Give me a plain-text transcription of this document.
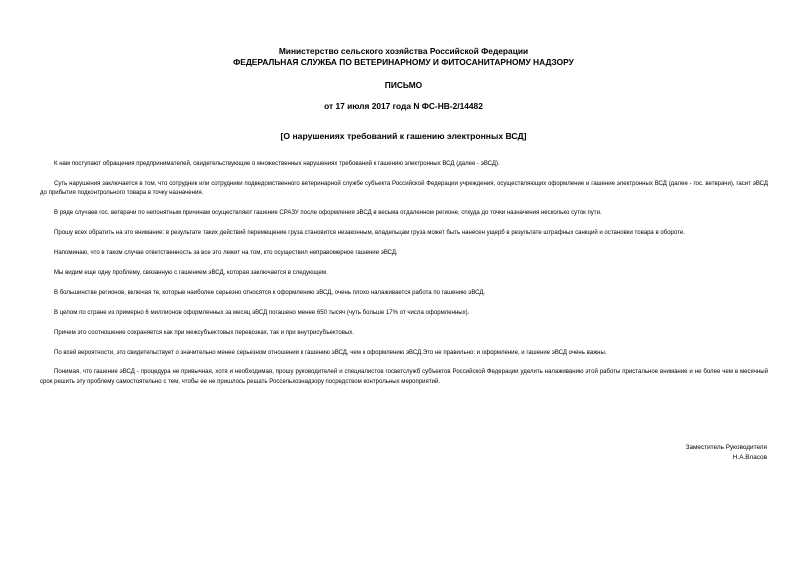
Министерство сельского хозяйства Российской Федерации
ФЕДЕРАЛЬНАЯ СЛУЖБА ПО ВЕТЕРИНАРНОМУ И ФИТОСАНИТАРНОМУ НАДЗОРУ
ПИСЬМО
от 17 июля 2017 года N ФС-НВ-2/14482
[О нарушениях требований к гашению электронных ВСД]

К нам поступают обращения предпринимателей, свидетельствующие о множественных нарушениях требований к гашению электронных ВСД (далее - эВСД).

Суть нарушения заключается в том, что сотрудник или сотрудники подведомственного ветеринарной службе субъекта Российской Федерации учреждения, осуществляющих оформление и гашение электронных ВСД (далее - гос. ветврачи), гасит эВСД до прибытия подконтрольного товара в точку назначения.

В ряде случаев гос. ветврачи по непонятным причинам осуществляют гашение СРАЗУ после оформления эВСД в весьма отдаленном регионе, откуда до точки назначения несколько суток пути.

Прошу всех обратить на это внимание: в результате таких действий перемещение груза становится незаконным, владельцам груза может быть нанесен ущерб в результате штрафных санкций и остановки товара в обороте.

Напоминаю, что в таком случае ответственность за все это лежит на том, кто осуществил неправомерное гашение эВСД.

Мы видим еще одну проблему, связанную с гашением эВСД, которая заключается в следующем.

В большинстве регионов, включая те, которые наиболее серьезно относятся к оформлению эВСД, очень плохо налаживается работа по гашению эВСД.

В целом по стране из примерно 6 миллионов оформленных за месяц эВСД погашено менее 650 тысяч (чуть больше 17% от числа оформленных).

Причем это соотношение сохраняется как при межсубъектовых перевозках, так и при внутрисубъектовых.

По всей вероятности, это свидетельствует о значительно менее серьезном отношении к гашению эВСД, чем к оформлению эВСД.Это не правильно: и оформление, и гашение эВСД очень важны.

Понимая, что гашение эВСД - процедура не привычная, хотя и необходимая, прошу руководителей и специалистов госветслужб субъектов Российской Федерации уделить налаживанию этой работы пристальное внимание и не более чем в месячный срок решить эту проблему самостоятельно с тем, чтобы ее не пришлось решать Россельхознадзору посредством контрольных мероприятий.

Заместитель Руководителя
Н.А.Власов
